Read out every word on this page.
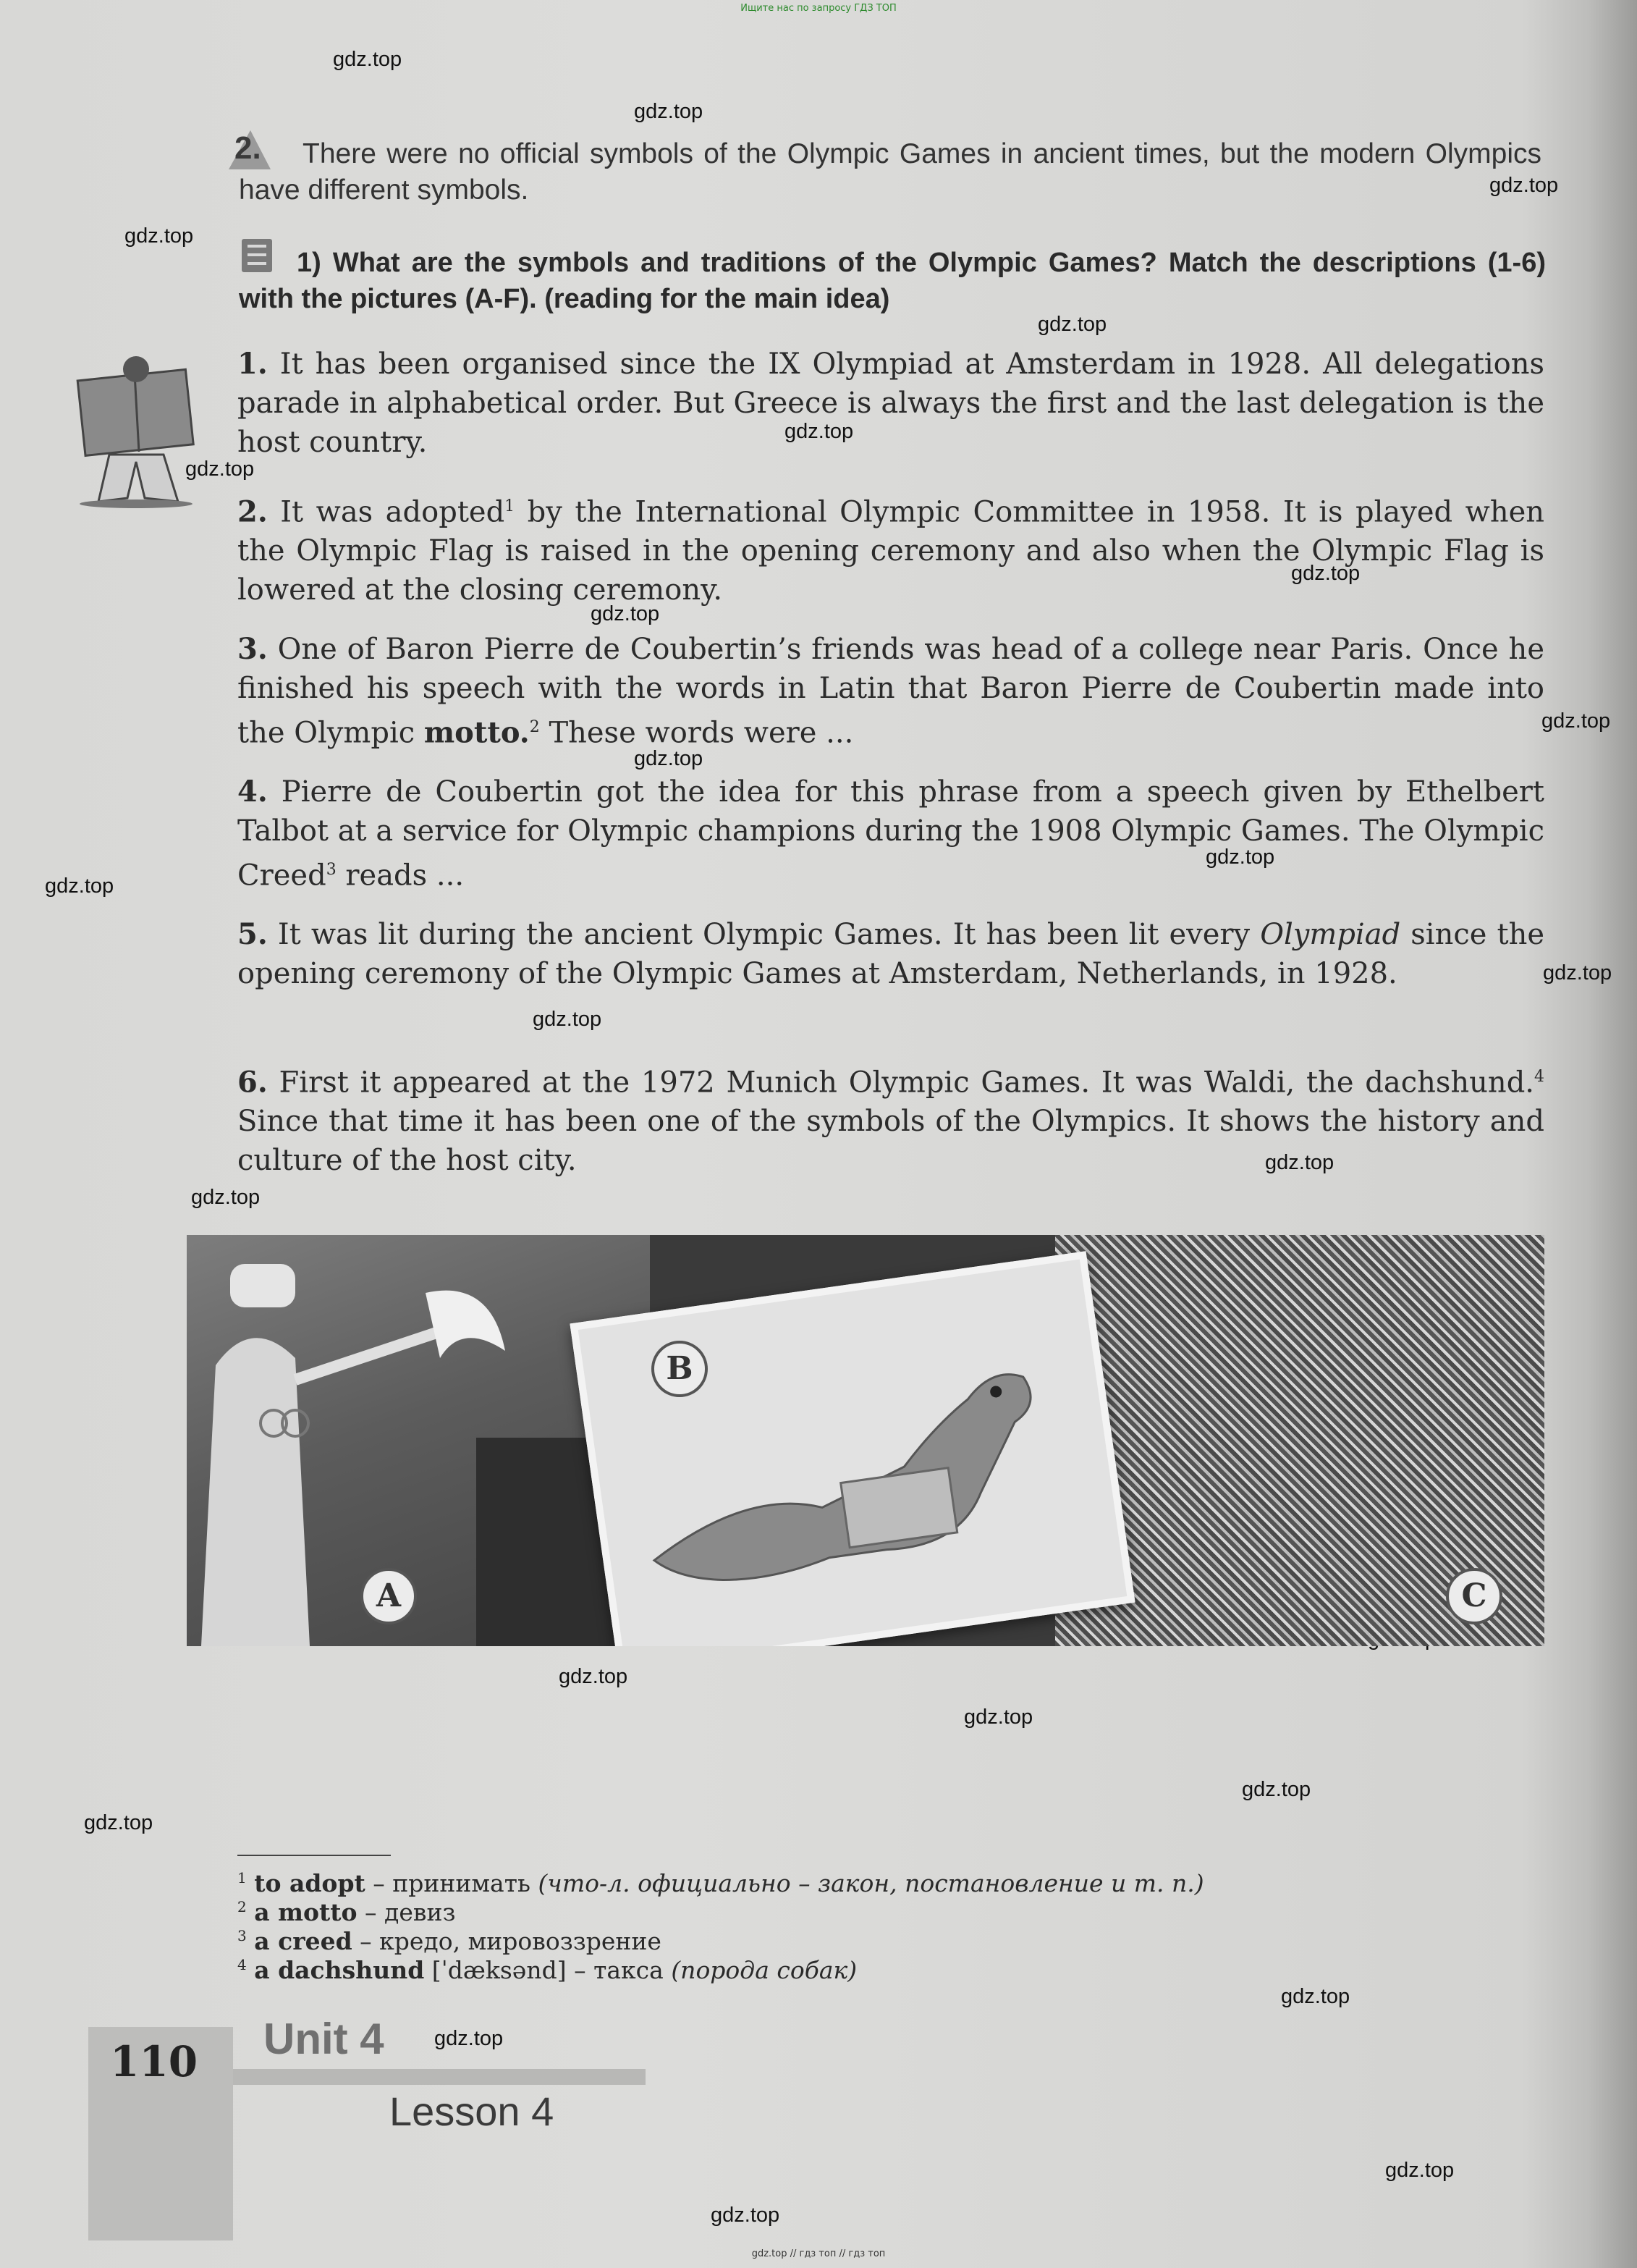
Ищите нас по запросу ГДЗ ТОП
gdz.top
gdz.top
gdz.top
gdz.top
gdz.top
gdz.top
gdz.top
gdz.top
gdz.top
gdz.top
gdz.top
gdz.top
gdz.top
gdz.top
gdz.top
gdz.top
gdz.top
gdz.top
gdz.top
gdz.top
gdz.top
gdz.top
gdz.top
gdz.top
gdz.top
2.	There were no official symbols of the Olympic Games in ancient times, but the modern Olympics have different symbols.
1) What are the symbols and traditions of the Olympic Games? Match the descriptions (1-6) with the pictures (A-F). (reading for the main idea)
1. It has been organised since the IX Olympiad at Amsterdam in 1928. All delegations parade in alphabetical order. But Greece is always the first and the last delegation is the host country.
2. It was adopted$^1$ by the International Olympic Committee in 1958. It is played when the Olympic Flag is raised in the opening ceremony and also when the Olympic Flag is lowered at the closing ceremony.
3. One of Baron Pierre de Coubertin’s friends was head of a college near Paris. Once he finished his speech with the words in Latin that Baron Pierre de Coubertin made into the Olympic motto.$^2$ These words were ...
4. Pierre de Coubertin got the idea for this phrase from a speech given by Ethelbert Talbot at a service for Olympic champions during the 1908 Olympic Games. The Olympic Creed$^3$ reads ...
5. It was lit during the ancient Olympic Games. It has been lit every Olympiad since the opening ceremony of the Olympic Games at Amsterdam, Netherlands, in 1928.
6. First it appeared at the 1972 Munich Olympic Games. It was Waldi, the dachshund.$^4$ Since that time it has been one of the symbols of the Olympics. It shows the history and culture of the host city.
A
B
C
$^1$ to adopt – принимать (что-л. официально – закон, постановление и т. п.)
$^2$ a motto – девиз
$^3$ a creed – кредо, мировоззрение
$^4$ a dachshund [ˈdæksənd] – такса (порода собак)
110 Unit 4
Lesson 4
gdz.top // гдз топ // гдз топ
